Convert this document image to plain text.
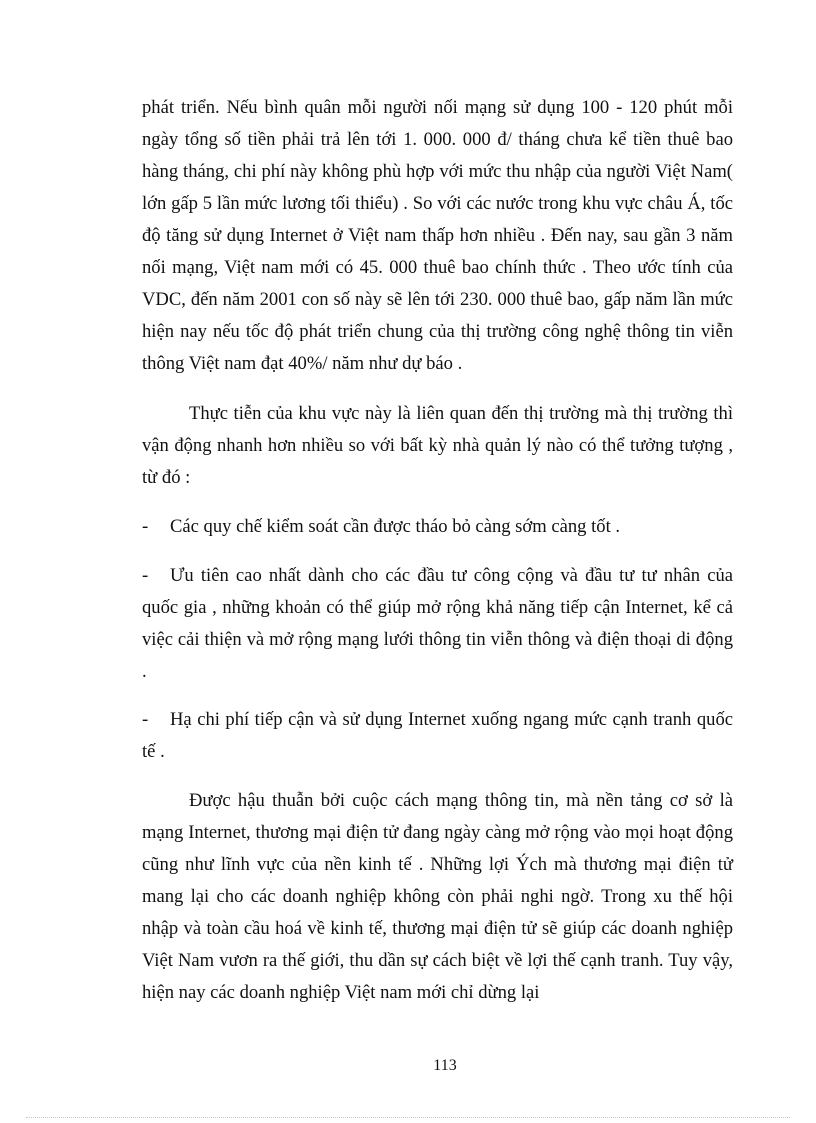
phát triển. Nếu bình quân mỗi người nối mạng sử dụng 100 - 120 phút mỗi ngày tổng số tiền phải trả lên tới 1. 000. 000 đ/ tháng chưa kể tiền thuê bao hàng tháng, chi phí này không phù hợp với mức thu nhập của người Việt Nam( lớn gấp 5 lần mức lương tối thiểu) . So với các nước trong khu vực châu Á, tốc độ tăng sử dụng Internet ở Việt nam thấp hơn nhiều . Đến nay, sau gần 3 năm nối mạng, Việt nam mới có 45. 000 thuê bao chính thức . Theo ước tính của VDC, đến năm 2001 con số này sẽ lên tới 230. 000 thuê bao, gấp năm lần mức hiện nay nếu tốc độ phát triển chung của thị trường công nghệ thông tin viễn thông Việt nam đạt 40%/ năm như dự báo .

Thực tiễn của khu vực này là liên quan đến thị trường mà thị trường thì vận động nhanh hơn nhiều so với bất kỳ nhà quản lý nào có thể tưởng tượng , từ đó :

- Các quy chế kiểm soát cần được tháo bỏ càng sớm càng tốt .
- Ưu tiên cao nhất dành cho các đầu tư công cộng và đầu tư tư nhân của quốc gia , những khoản có thể giúp mở rộng khả năng tiếp cận Internet, kể cả việc cải thiện và mở rộng mạng lưới thông tin viễn thông và điện thoại di động .
- Hạ chi phí tiếp cận và sử dụng Internet xuống ngang mức cạnh tranh quốc tế .

Được hậu thuẫn bởi cuộc cách mạng thông tin, mà nền tảng cơ sở là mạng Internet, thương mại điện tử đang ngày càng mở rộng vào mọi hoạt động cũng như lĩnh vực của nền kinh tế . Những lợi Ých mà thương mại điện tử mang lại cho các doanh nghiệp không còn phải nghi ngờ. Trong xu thế hội nhập và toàn cầu hoá về kinh tế, thương mại điện tử sẽ giúp các doanh nghiệp Việt Nam vươn ra thế giới, thu dần sự cách biệt về lợi thế cạnh tranh. Tuy vậy, hiện nay các doanh nghiệp Việt nam mới chỉ dừng lại

113
